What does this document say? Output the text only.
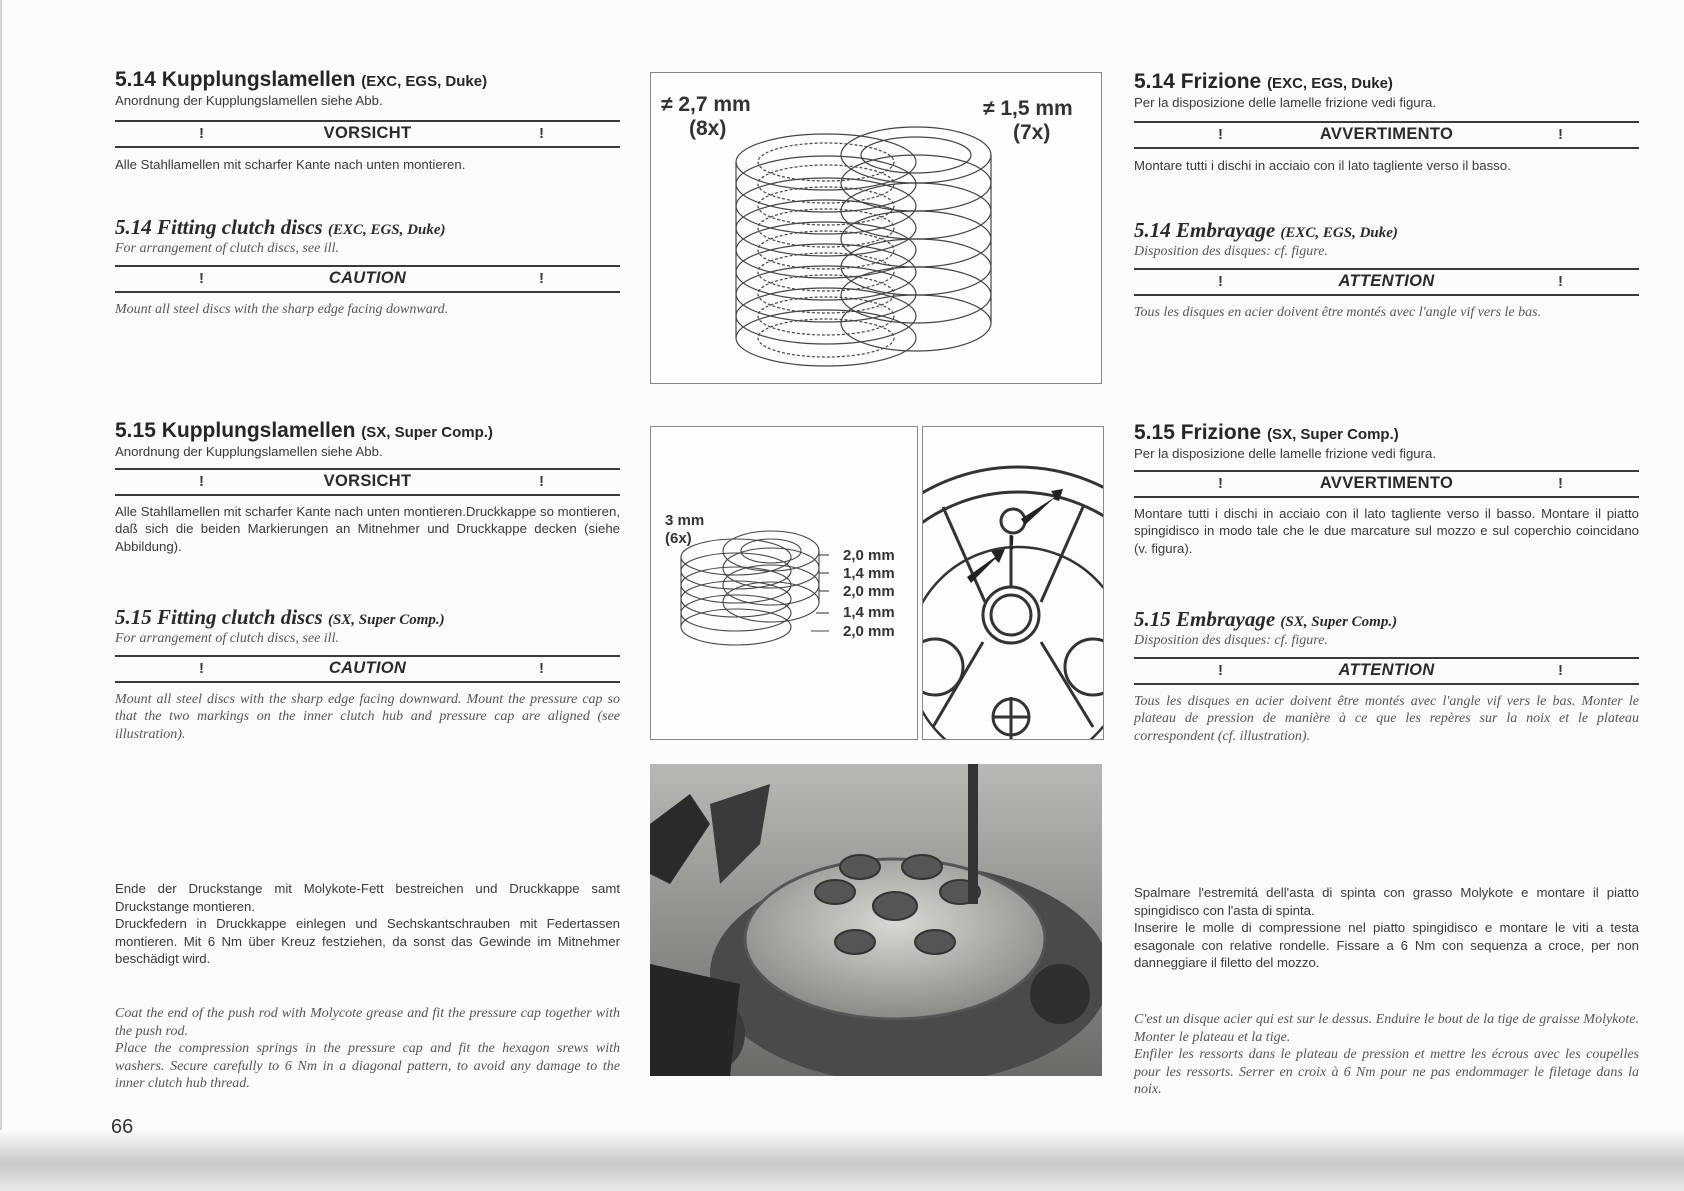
5.14 Kupplungslamellen (EXC, EGS, Duke)

Anordnung der Kupplungslamellen siehe Abb.

!	VORSICHT	!

Alle Stahllamellen mit scharfer Kante nach unten montieren.

5.14 Fitting clutch discs (EXC, EGS, Duke)

For arrangement of clutch discs, see ill.

!	CAUTION	!

Mount all steel discs with the sharp edge facing downward.

5.15 Kupplungslamellen (SX, Super Comp.)

Anordnung der Kupplungslamellen siehe Abb.

!	VORSICHT	!

Alle Stahllamellen mit scharfer Kante nach unten montieren.Druckkappe so montieren, daß sich die beiden Markierungen an Mitnehmer und Druckkappe decken (siehe Abbildung).

5.15 Fitting clutch discs (SX, Super Comp.)

For arrangement of clutch discs, see ill.

!	CAUTION	!

Mount all steel discs with the sharp edge facing downward. Mount the pressure cap so that the two markings on the inner clutch hub and pressure cap are aligned (see illustration).

Ende der Druckstange mit Molykote-Fett bestreichen und Druckkappe samt Druckstange montieren.

Druckfedern in Druckkappe einlegen und Sechskantschrauben mit Federtassen montieren. Mit 6 Nm über Kreuz festziehen, da sonst das Gewinde im Mitnehmer beschädigt wird.

Coat the end of the push rod with Molycote grease and fit the pressure cap together with the push rod.

Place the compression springs in the pressure cap and fit the hexagon srews with washers. Secure carefully to 6 Nm in a diagonal pattern, to avoid any damage to the inner clutch hub thread.

5.14 Frizione (EXC, EGS, Duke)

Per la disposizione delle lamelle frizione vedi figura.

!	AVVERTIMENTO	!

Montare tutti i dischi in acciaio con il lato tagliente verso il basso.

5.14 Embrayage (EXC, EGS, Duke)

Disposition des disques: cf. figure.

!	ATTENTION	!

Tous les disques en acier doivent être montés avec l'angle vif vers le bas.

5.15 Frizione (SX, Super Comp.)

Per la disposizione delle lamelle frizione vedi figura.

!	AVVERTIMENTO	!

Montare tutti i dischi in acciaio con il lato tagliente verso il basso. Montare il piatto spingidisco in modo tale che le due marcature sul mozzo e sul coperchio coincidano (v. figura).

5.15 Embrayage (SX, Super Comp.)

Disposition des disques: cf. figure.

!	ATTENTION	!

Tous les disques en acier doivent être montés avec l'angle vif vers le bas. Monter le plateau de pression de manière à ce que les repères sur la noix et le plateau correspondent (cf. illustration).

Spalmare l'estremitá dell'asta di spinta con grasso Molykote e montare il piatto spingidisco con l'asta di spinta.

Inserire le molle di compressione nel piatto spingidisco e montare le viti a testa esagonale con relative rondelle. Fissare a 6 Nm con sequenza a croce, per non danneggiare il filetto del mozzo.

C'est un disque acier qui est sur le dessus. Enduire le bout de la tige de graisse Molykote. Monter le plateau et la tige.

Enfiler les ressorts dans le plateau de pression et mettre les écrous avec les coupelles pour les ressorts. Serrer en croix à 6 Nm pour ne pas endommager le filetage dans la noix.

≠ 2,7 mm
(8x)
≠ 1,5 mm
(7x)
3 mm
(6x)
2,0 mm
1,4 mm
2,0 mm
1,4 mm
2,0 mm
!
66
